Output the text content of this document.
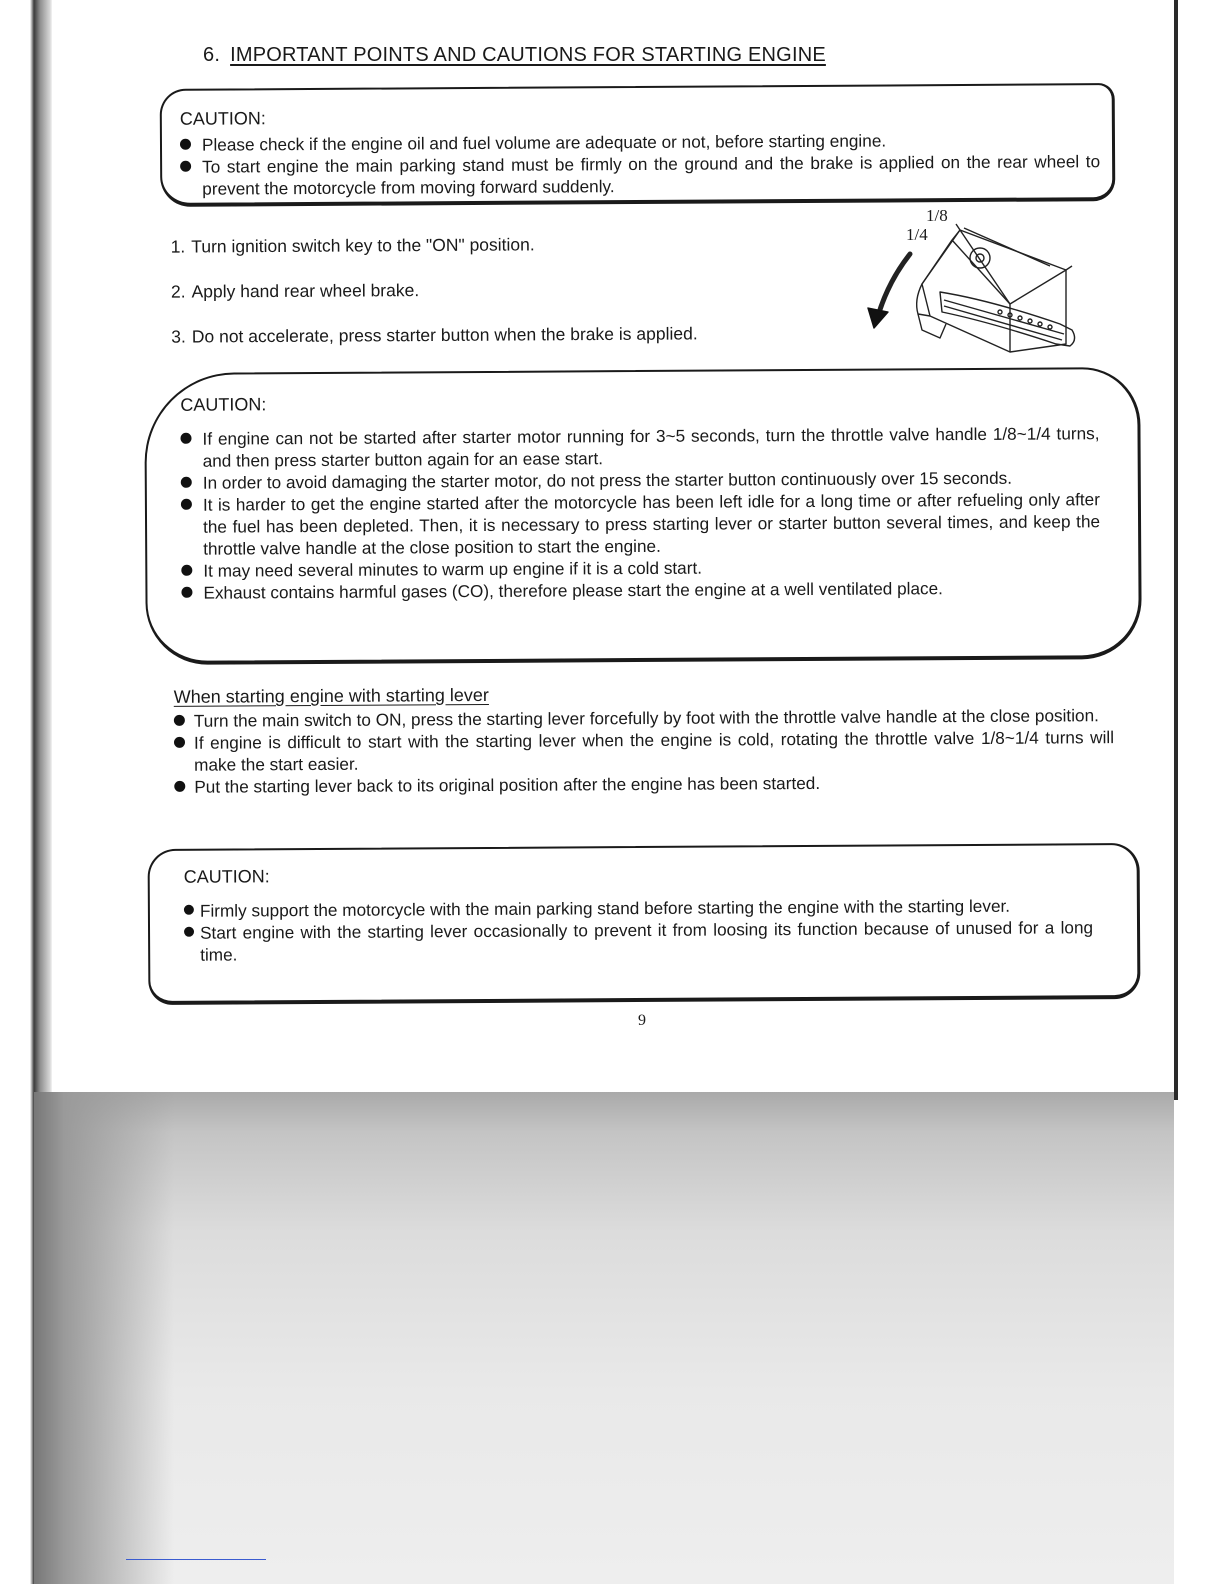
6. IMPORTANT POINTS AND CAUTIONS FOR STARTING ENGINE

CAUTION:

Please check if the engine oil and fuel volume are adequate or not, before starting engine.
To start engine the main parking stand must be firmly on the ground and the brake is applied on the rear wheel to prevent the motorcycle from moving forward suddenly.
1. Turn ignition switch key to the "ON" position.
2. Apply hand rear wheel brake.
3. Do not accelerate, press starter button when the brake is applied.
1/8
1/4

CAUTION:

If engine can not be started after starter motor running for 3~5 seconds, turn the throttle valve handle 1/8~1/4 turns, and then press starter button again for an ease start.
In order to avoid damaging the starter motor, do not press the starter button continuously over 15 seconds.
It is harder to get the engine started after the motorcycle has been left idle for a long time or after refueling only after the fuel has been depleted. Then, it is necessary to press starting lever or starter button several times, and keep the throttle valve handle at the close position to start the engine.
It may need several minutes to warm up engine if it is a cold start.
Exhaust contains harmful gases (CO), therefore please start the engine at a well ventilated place.

When starting engine with starting lever

Turn the main switch to ON, press the starting lever forcefully by foot with the throttle valve handle at the close position.
If engine is difficult to start with the starting lever when the engine is cold, rotating the throttle valve 1/8~1/4 turns will make the start easier.
Put the starting lever back to its original position after the engine has been started.

CAUTION:

Firmly support the motorcycle with the main parking stand before starting the engine with the starting lever.
Start engine with the starting lever occasionally to prevent it from loosing its function because of unused for a long time.
9
